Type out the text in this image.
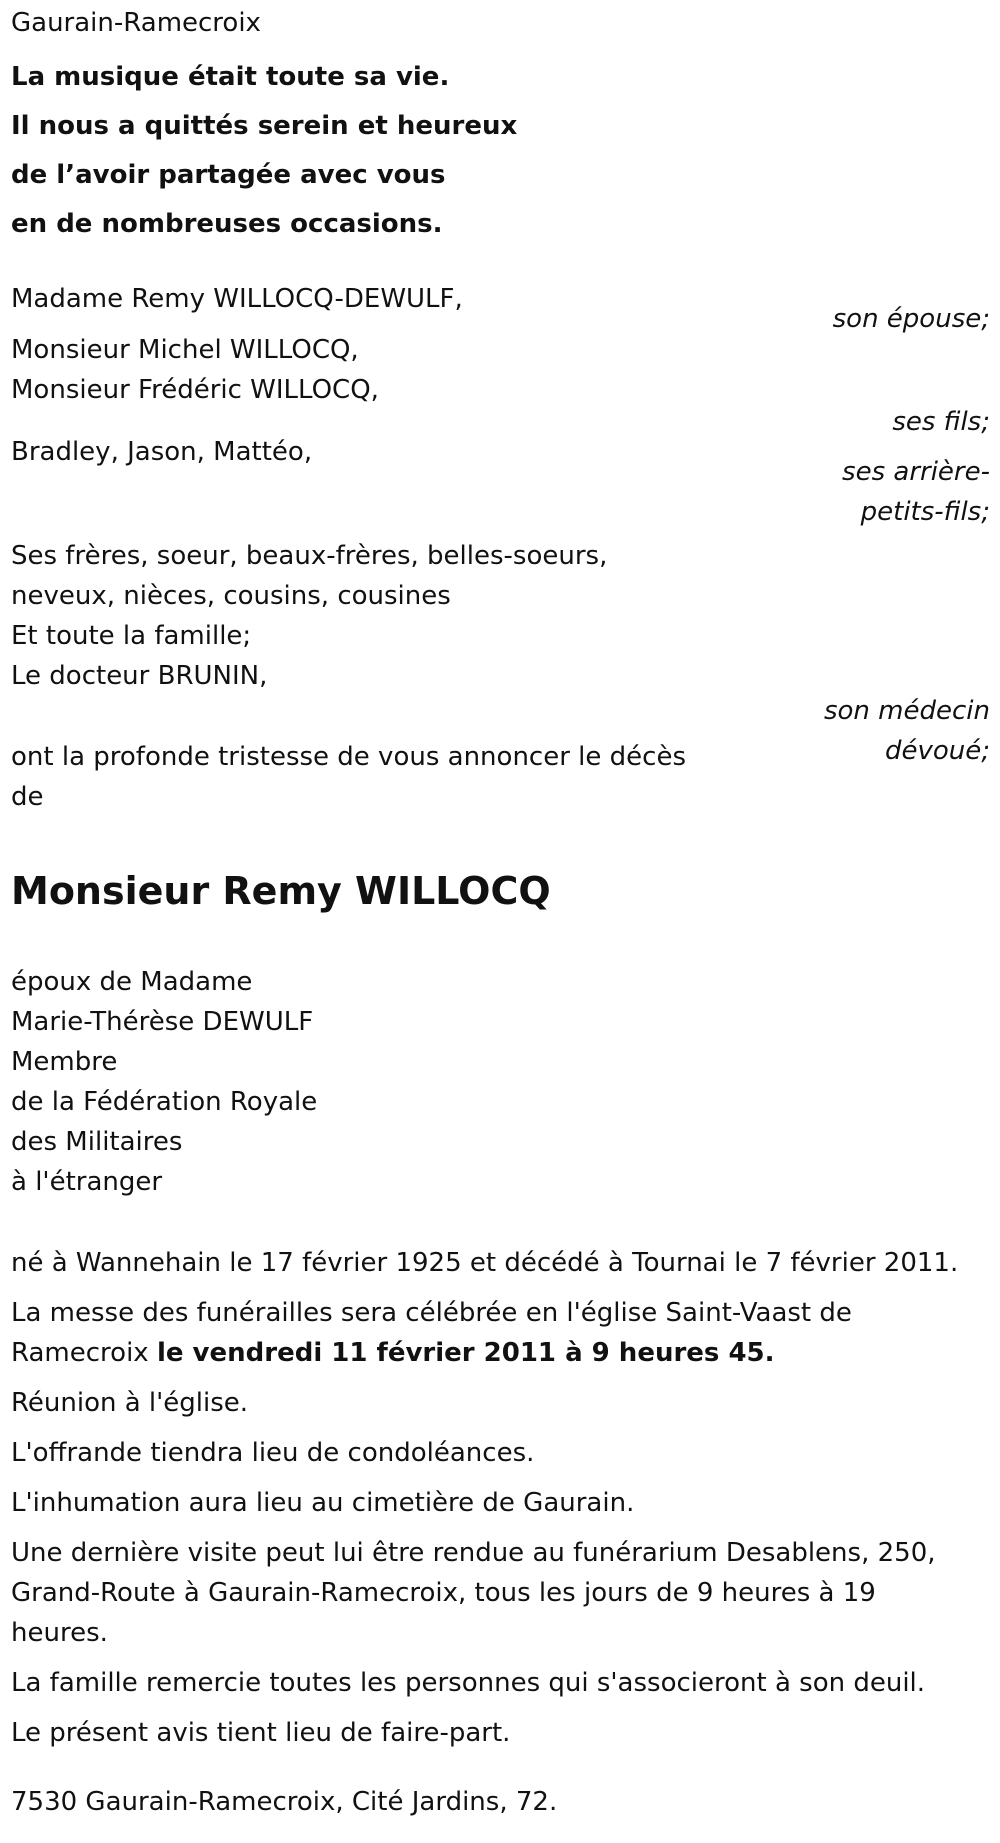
Gaurain-Ramecroix
La musique était toute sa vie.
Il nous a quittés serein et heureux
de l’avoir partagée avec vous
en de nombreuses occasions.
Madame Remy WILLOCQ-DEWULF,
son épouse;
Monsieur Michel WILLOCQ,
Monsieur Frédéric WILLOCQ,
ses fils;
Bradley, Jason, Mattéo,
ses arrière-
petits-fils;
Ses frères, soeur, beaux-frères, belles-soeurs,
neveux, nièces, cousins, cousines
Et toute la famille;
Le docteur BRUNIN,
son médecin
dévoué;
ont la profonde tristesse de vous annoncer le décès
de
Monsieur Remy WILLOCQ
époux de Madame
Marie-Thérèse DEWULF
Membre
de la Fédération Royale
des Militaires
à l'étranger

né à Wannehain le 17 février 1925 et décédé à Tournai le 7 février 2011.

La messe des funérailles sera célébrée en l'église Saint-Vaast de Ramecroix le vendredi 11 février 2011 à 9 heures 45.

Réunion à l'église.

L'offrande tiendra lieu de condoléances.

L'inhumation aura lieu au cimetière de Gaurain.

Une dernière visite peut lui être rendue au funérarium Desablens, 250, Grand-Route à Gaurain-Ramecroix, tous les jours de 9 heures à 19 heures.

La famille remercie toutes les personnes qui s'associeront à son deuil.

Le présent avis tient lieu de faire-part.

7530 Gaurain-Ramecroix, Cité Jardins, 72.
